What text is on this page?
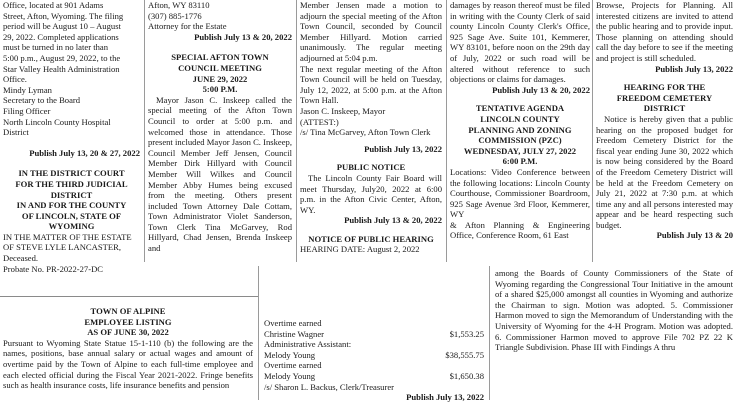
Office, located at 901 Adams

Street, Afton, Wyoming. The filing

period will be August 10 – August

29, 2022. Completed applications

must be turned in no later than

5:00 p.m., August 29, 2022, to the

Star Valley Health Administration

Office.

Mindy Lyman

Secretary to the Board

Filing Officer

North Lincoln County Hospital

District

Publish July 13, 20 & 27, 2022

IN THE DISTRICT COURT

FOR THE THIRD JUDICIAL

DISTRICT

IN AND FOR THE COUNTY

OF LINCOLN, STATE OF

WYOMING

IN THE MATTER OF THE ESTATE

OF STEVE LYLE LANCASTER,

Deceased.

Probate No. PR-2022-27-DC

Afton, WY 83110

(307) 885-1776

Attorney for the Estate

Publish July 13 & 20, 2022

SPECIAL AFTON TOWN

COUNCIL MEETING

JUNE 29, 2022

5:00 P.M.

Mayor Jason C. Inskeep called the special meeting of the Afton Town Council to order at 5:00 p.m. and welcomed those in attendance. Those present included Mayor Jason C. Inskeep, Council Member Jeff Jensen, Council Member Dirk Hillyard with Council Member Will Wilkes and Council Member Abby Humes being excused from the meeting. Others present included Town Attorney Dale Cottam, Town Administrator Violet Sanderson, Town Clerk Tina McGarvey, Rod Hillyard, Chad Jensen, Brenda Inskeep and

Member Jensen made a motion to adjourn the special meeting of the Afton Town Council, seconded by Council Member Hillyard. Motion carried unanimously. The regular meeting adjourned at 5:04 p.m.

The next regular meeting of the Afton Town Council will be held on Tuesday, July 12, 2022, at 5:00 p.m. at the Afton Town Hall.

Jason C. Inskeep, Mayor

(ATTEST:)

/s/ Tina McGarvey, Afton Town Clerk

Publish July 13, 2022

PUBLIC NOTICE

The Lincoln County Fair Board will meet Thursday, July20, 2022 at 6:00 p.m. in the Afton Civic Center, Afton, WY.

Publish July 13 & 20, 2022

NOTICE OF PUBLIC HEARING

HEARING DATE: August 2, 2022

damages by reason thereof must be filed in writing with the County Clerk of said county Lincoln County Clerk's Office, 925 Sage Ave. Suite 101, Kemmerer, WY 83101, before noon on the 29th day of July, 2022 or such road will be altered without reference to such objections or claims for damages.

Publish July 13 & 20, 2022

TENTATIVE AGENDA

LINCOLN COUNTY

PLANNING AND ZONING

COMMISSION (PZC)

WEDNESDAY, JULY 27, 2022

6:00 P.M.

Locations: Video Conference between the following locations: Lincoln County Courthouse, Commissioner Boardroom, 925 Sage Avenue 3rd Floor, Kemmerer, WY

& Afton Planning & Engineering Office, Conference Room, 61 East

Browse, Projects for Planning. All interested citizens are invited to attend the public hearing and to provide input. Those planning on attending should call the day before to see if the meeting and project is still scheduled.

Publish July 13, 2022

HEARING FOR THE

FREEDOM CEMETERY

DISTRICT

Notice is hereby given that a public hearing on the proposed budget for Freedom Cemetery District for the fiscal year ending June 30, 2022 which is now being considered by the Board of the Freedom Cemetery District will be held at the Freedom Cemetery on July 21, 2022 at 7:30 p.m. at which time any and all persons interested may appear and be heard respecting such budget.

Publish July 13 & 20

TOWN OF ALPINE

EMPLOYEE LISTING

AS OF JUNE 30, 2022

Pursuant to Wyoming State Statue 15-1-110 (b) the following are the names, positions, base annual salary or actual wages and amount of overtime paid by the Town of Alpine to each full-time employee and each elected official during the Fiscal Year 2021-2022. Fringe benefits such as health insurance costs, life insurance benefits and pension

Overtime earned
Christine Wagner	$1,553.25
Administrative Assistant:
Melody Young	$38,555.75
Overtime earned
Melody Young	$1,650.38

/s/ Sharon L. Backus, Clerk/Treasurer

Publish July 13, 2022

among the Boards of County Commissioners of the State of Wyoming regarding the Congressional Tour Initiative in the amount of a shared $25,000 amongst all counties in Wyoming and authorize the Chairman to sign. Motion was adopted. 5. Commissioner Harmon moved to sign the Memorandum of Understanding with the University of Wyoming for the 4-H Program. Motion was adopted. 6. Commissioner Harmon moved to approve File 702 PZ 22 K Triangle Subdivision. Phase III with Findings A thru
